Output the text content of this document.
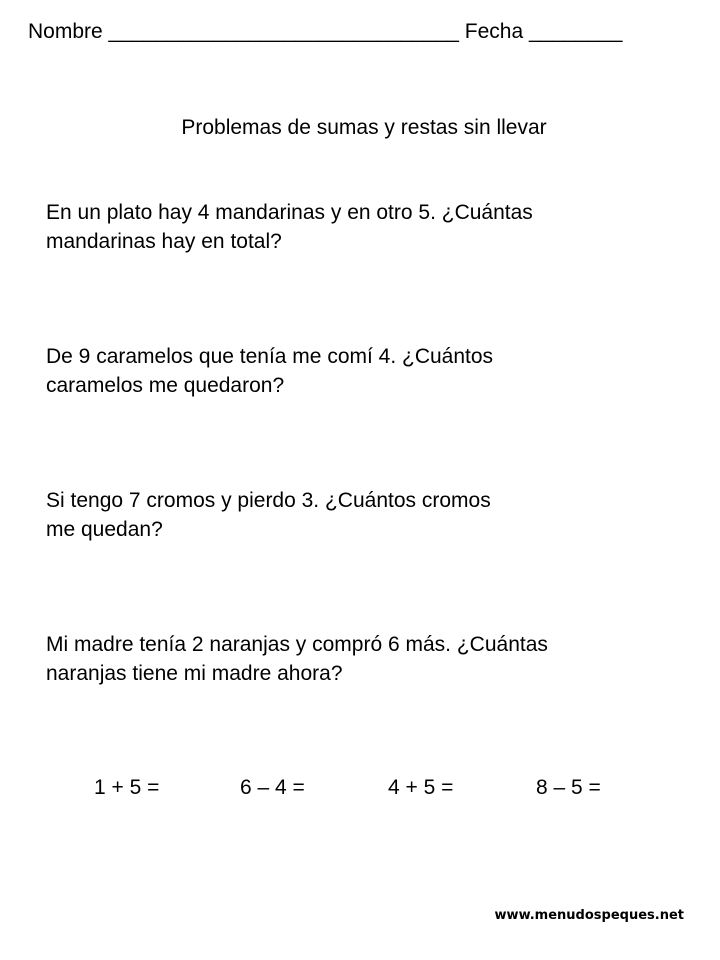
Nombre ______________________________ Fecha ________
Problemas de sumas y restas sin llevar
En un plato hay 4 mandarinas y en otro 5. ¿Cuántas
mandarinas hay en total?
De 9 caramelos que tenía me comí 4. ¿Cuántos
caramelos me quedaron?
Si tengo 7 cromos y pierdo 3. ¿Cuántos cromos
me quedan?
Mi madre tenía 2 naranjas y compró 6 más. ¿Cuántas
naranjas tiene mi madre ahora?
1 + 5 =	6 – 4 =	4 + 5 =	8 – 5 =
www.menudospeques.net
